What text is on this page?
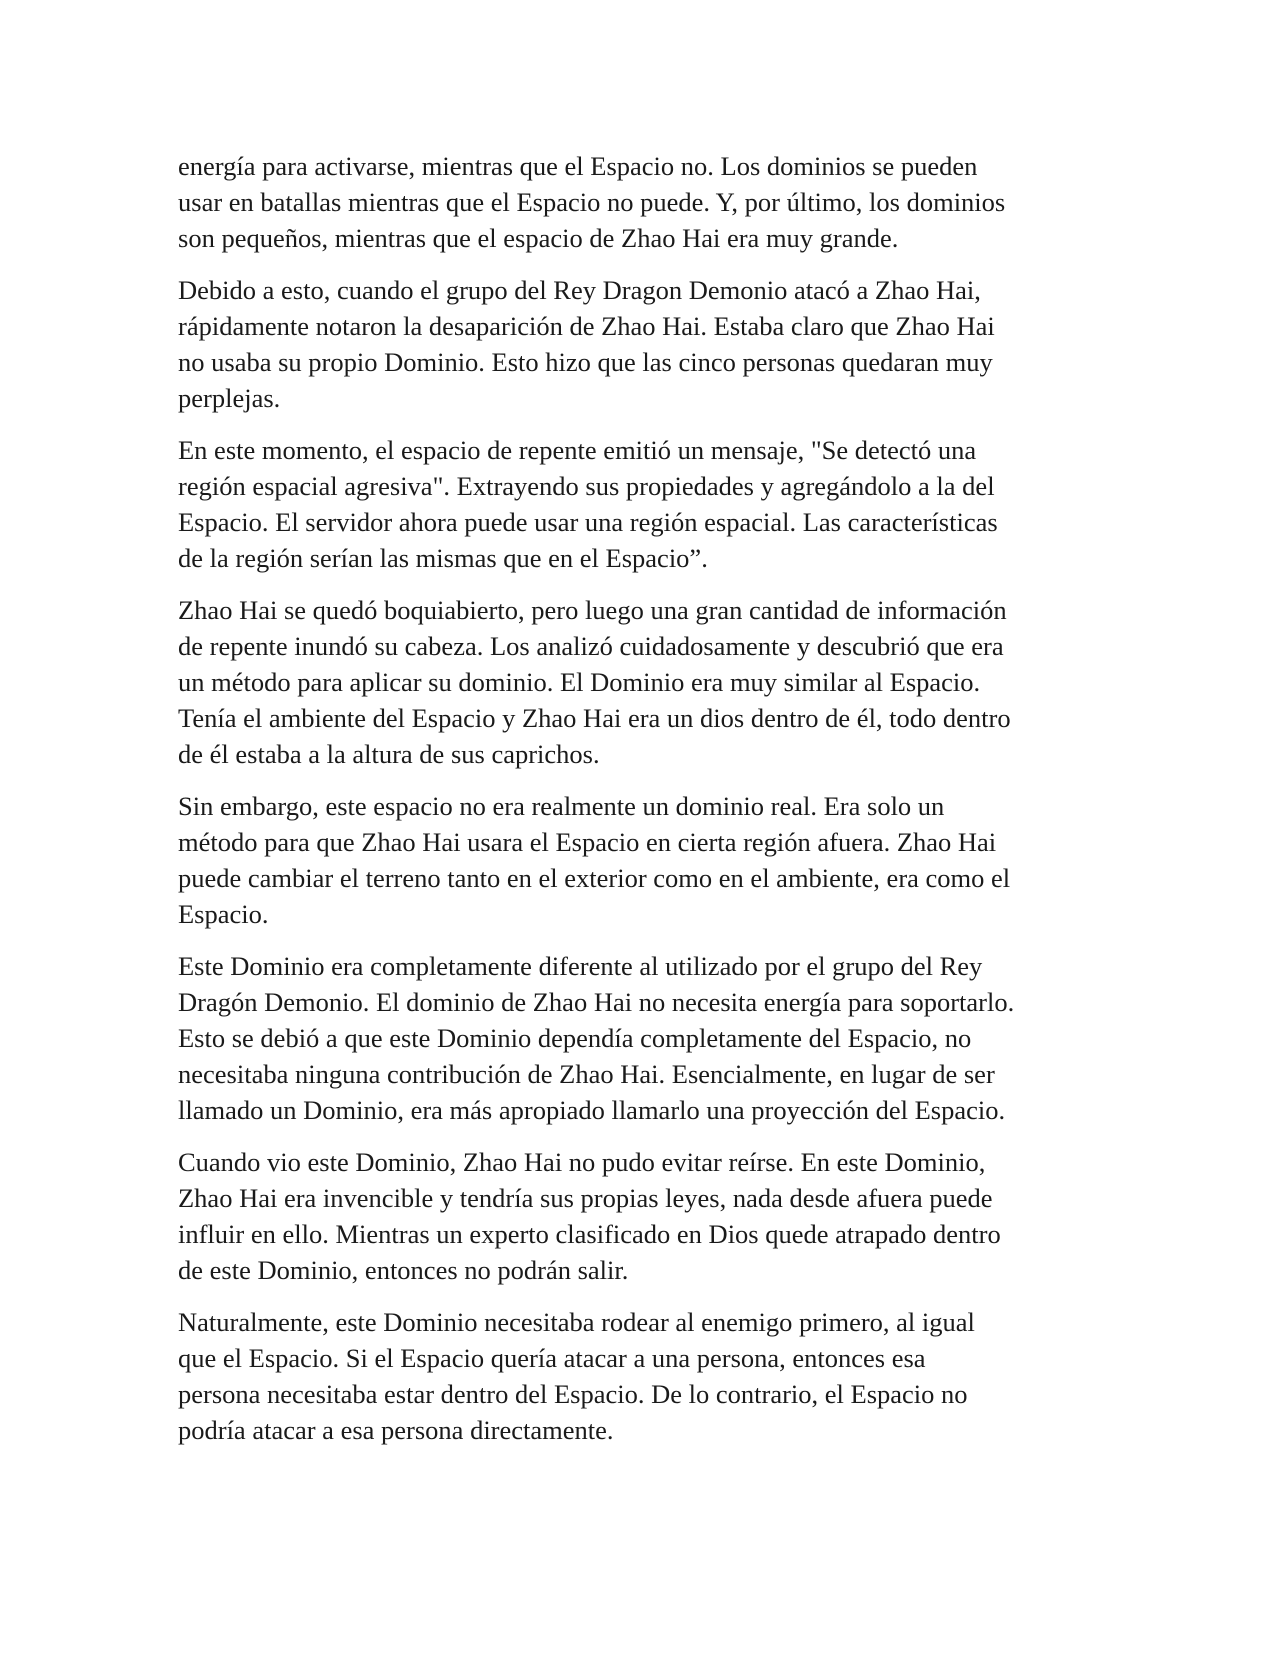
energía para activarse, mientras que el Espacio no. Los dominios se pueden
usar en batallas mientras que el Espacio no puede. Y, por último, los dominios
son pequeños, mientras que el espacio de Zhao Hai era muy grande.

Debido a esto, cuando el grupo del Rey Dragon Demonio atacó a Zhao Hai,
rápidamente notaron la desaparición de Zhao Hai. Estaba claro que Zhao Hai
no usaba su propio Dominio. Esto hizo que las cinco personas quedaran muy
perplejas.

En este momento, el espacio de repente emitió un mensaje, "Se detectó una
región espacial agresiva". Extrayendo sus propiedades y agregándolo a la del
Espacio. El servidor ahora puede usar una región espacial. Las características
de la región serían las mismas que en el Espacio”.

Zhao Hai se quedó boquiabierto, pero luego una gran cantidad de información
de repente inundó su cabeza. Los analizó cuidadosamente y descubrió que era
un método para aplicar su dominio. El Dominio era muy similar al Espacio.
Tenía el ambiente del Espacio y Zhao Hai era un dios dentro de él, todo dentro
de él estaba a la altura de sus caprichos.

Sin embargo, este espacio no era realmente un dominio real. Era solo un
método para que Zhao Hai usara el Espacio en cierta región afuera. Zhao Hai
puede cambiar el terreno tanto en el exterior como en el ambiente, era como el
Espacio.

Este Dominio era completamente diferente al utilizado por el grupo del Rey
Dragón Demonio. El dominio de Zhao Hai no necesita energía para soportarlo.
Esto se debió a que este Dominio dependía completamente del Espacio, no
necesitaba ninguna contribución de Zhao Hai. Esencialmente, en lugar de ser
llamado un Dominio, era más apropiado llamarlo una proyección del Espacio.

Cuando vio este Dominio, Zhao Hai no pudo evitar reírse. En este Dominio,
Zhao Hai era invencible y tendría sus propias leyes, nada desde afuera puede
influir en ello. Mientras un experto clasificado en Dios quede atrapado dentro
de este Dominio, entonces no podrán salir.

Naturalmente, este Dominio necesitaba rodear al enemigo primero, al igual
que el Espacio. Si el Espacio quería atacar a una persona, entonces esa
persona necesitaba estar dentro del Espacio. De lo contrario, el Espacio no
podría atacar a esa persona directamente.
